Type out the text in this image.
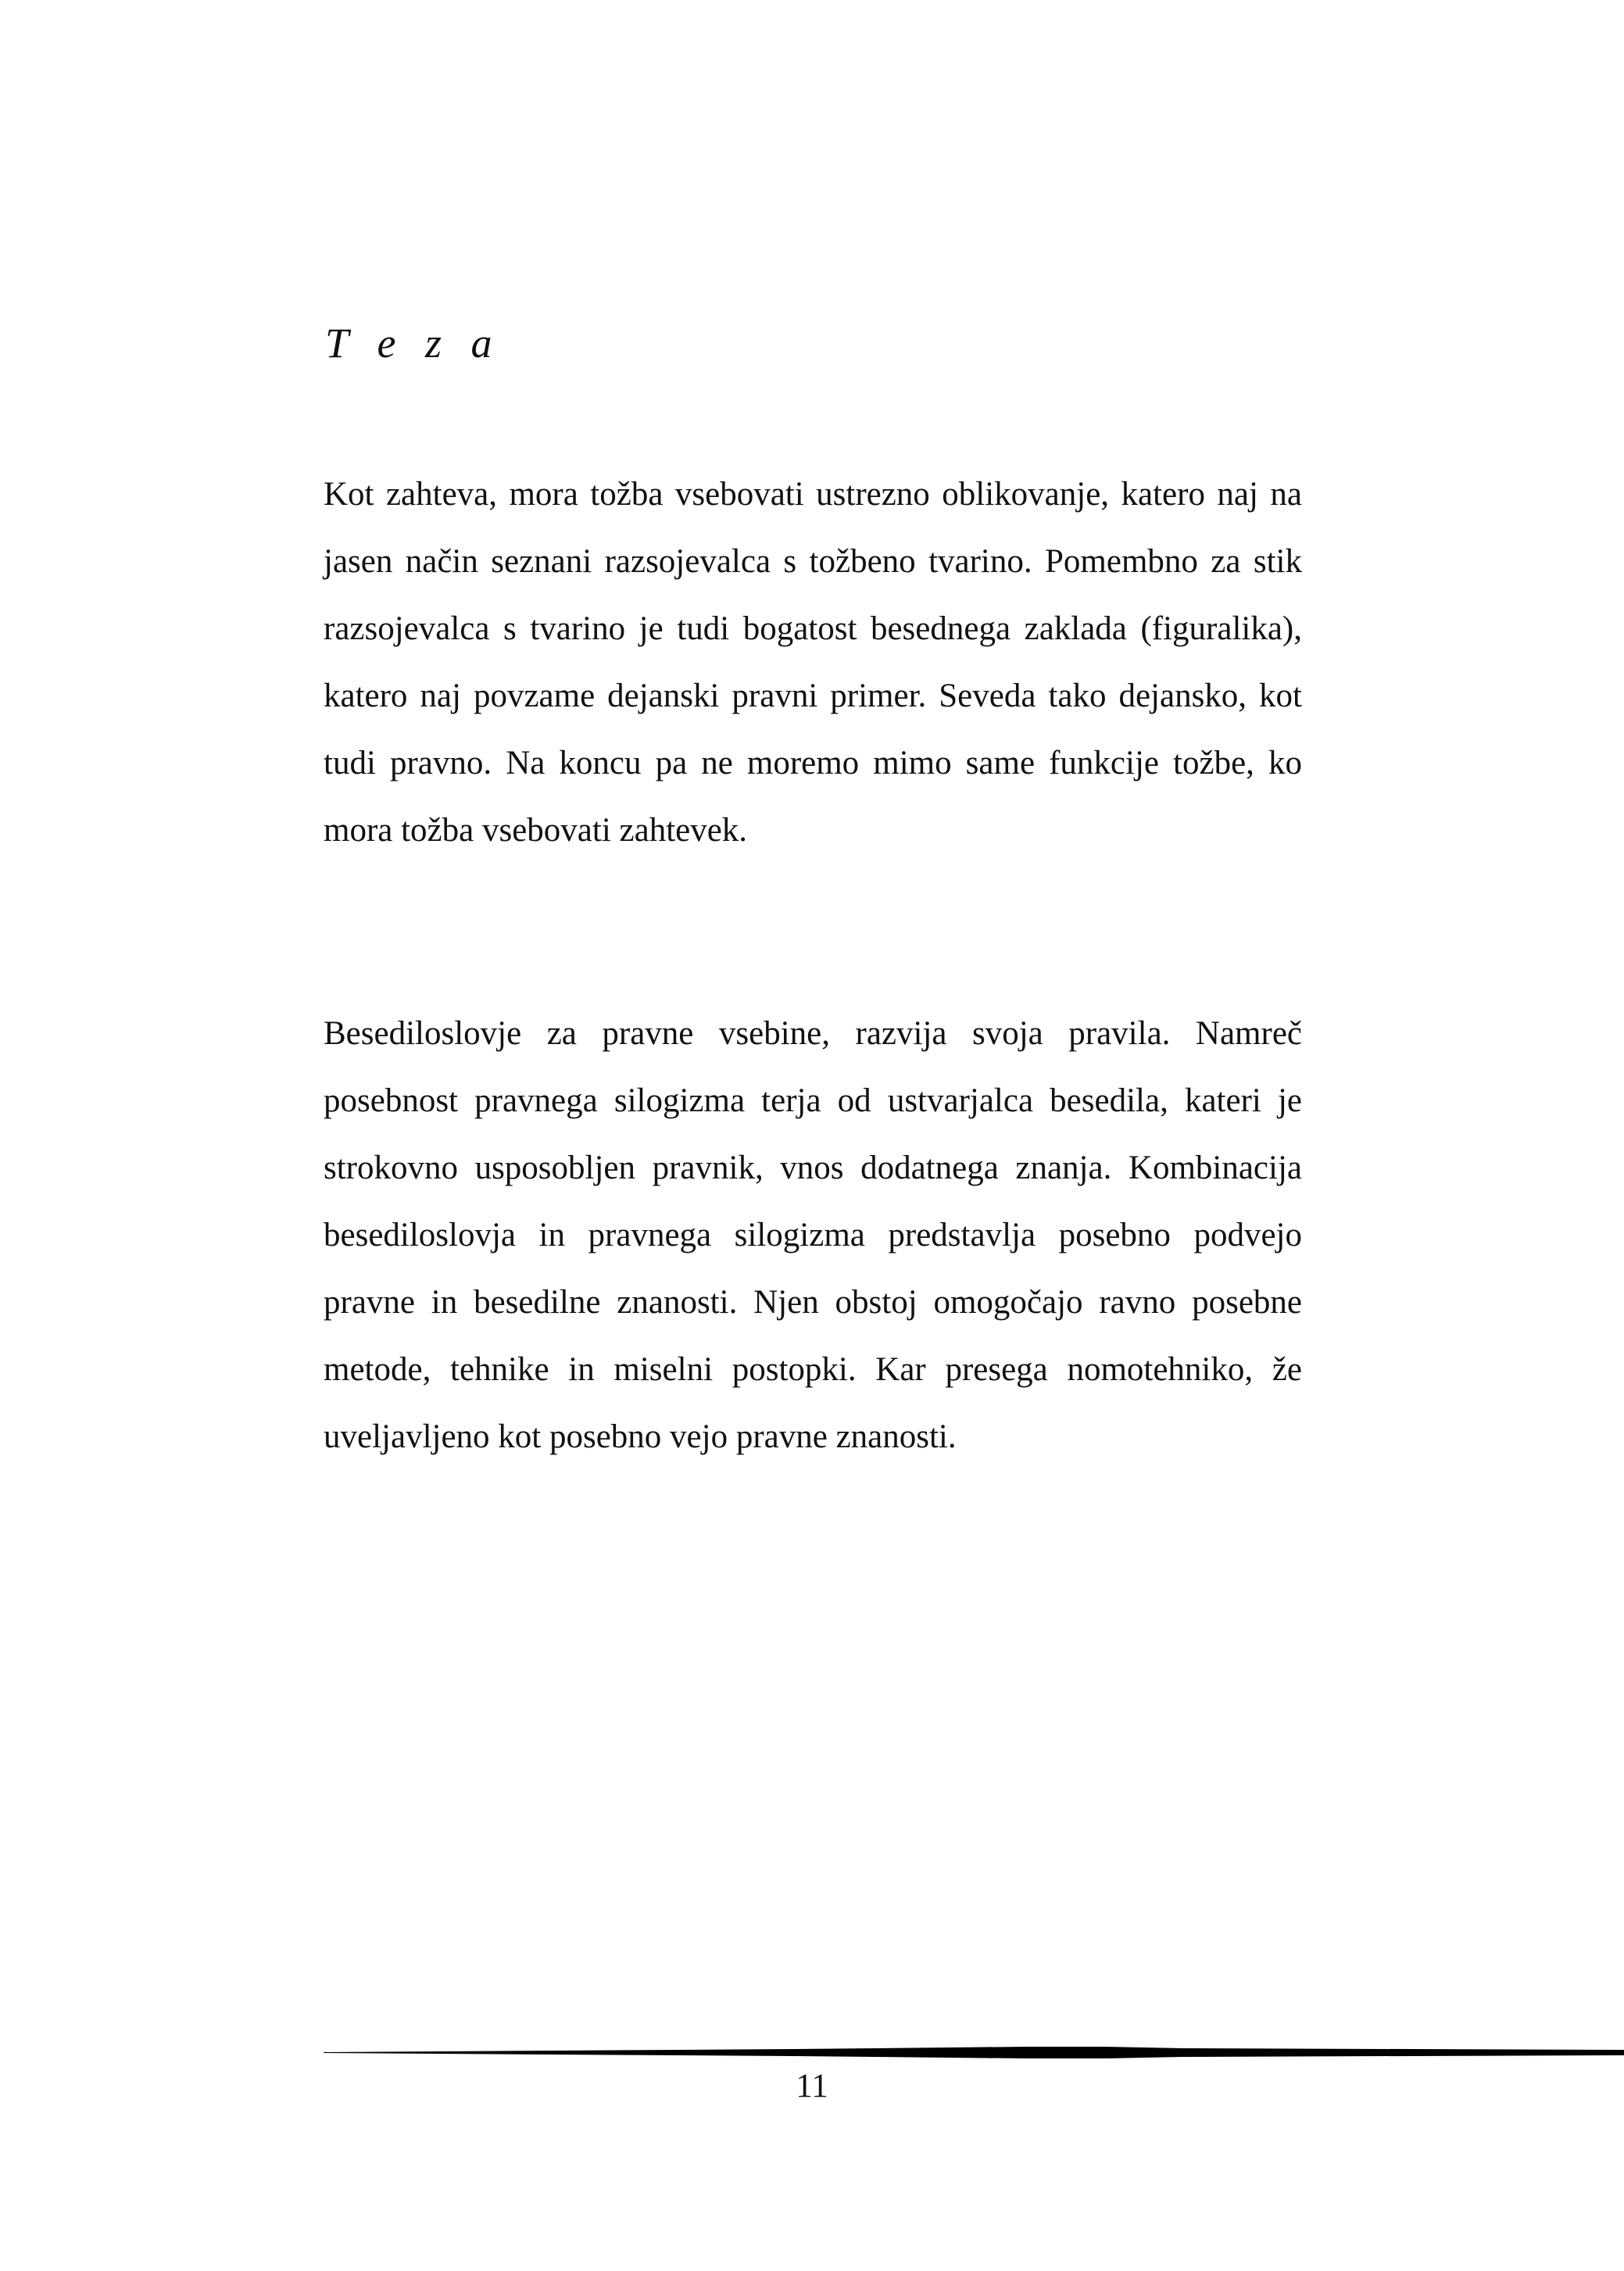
T e z a

Kot zahteva, mora tožba vsebovati ustrezno oblikovanje, katero naj na jasen način seznani razsojevalca s tožbeno tvarino. Pomembno za stik razsojevalca s tvarino je tudi bogatost besednega zaklada (figuralika), katero naj povzame dejanski pravni primer. Seveda tako dejansko, kot tudi pravno. Na koncu pa ne moremo mimo same funkcije tožbe, ko mora tožba vsebovati zahtevek.

Besediloslovje za pravne vsebine, razvija svoja pravila. Namreč posebnost pravnega silogizma terja od ustvarjalca besedila, kateri je strokovno usposobljen pravnik, vnos dodatnega znanja. Kombinacija besediloslovja in pravnega silogizma predstavlja posebno podvejo pravne in besedilne znanosti. Njen obstoj omogočajo ravno posebne metode, tehnike in miselni postopki. Kar presega nomotehniko, že uveljavljeno kot posebno vejo pravne znanosti.

11
